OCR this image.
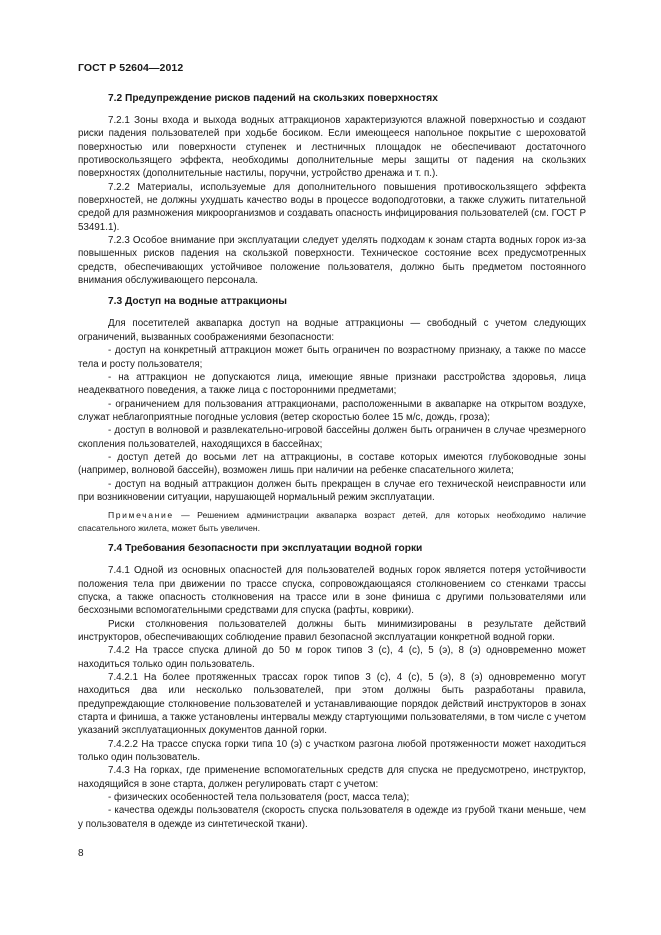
ГОСТ Р 52604—2012

7.2 Предупреждение рисков падений на скользких поверхностях

7.2.1 Зоны входа и выхода водных аттракционов характеризуются влажной поверхностью и создают риски падения пользователей при ходьбе босиком. Если имеющееся напольное покрытие с шероховатой поверхностью или поверхности ступенек и лестничных площадок не обеспечивают достаточного противоскользящего эффекта, необходимы дополнительные меры защиты от падения на скользких поверхностях (дополнительные настилы, поручни, устройство дренажа и т. п.).

7.2.2 Материалы, используемые для дополнительного повышения противоскользящего эффекта поверхностей, не должны ухудшать качество воды в процессе водоподготовки, а также служить питательной средой для размножения микроорганизмов и создавать опасность инфицирования пользователей (см. ГОСТ Р 53491.1).

7.2.3 Особое внимание при эксплуатации следует уделять подходам к зонам старта водных горок из-за повышенных рисков падения на скользкой поверхности. Техническое состояние всех предусмотренных средств, обеспечивающих устойчивое положение пользователя, должно быть предметом постоянного внимания обслуживающего персонала.

7.3 Доступ на водные аттракционы

Для посетителей аквапарка доступ на водные аттракционы — свободный с учетом следующих ограничений, вызванных соображениями безопасности:

- доступ на конкретный аттракцион может быть ограничен по возрастному признаку, а также по массе тела и росту пользователя;

- на аттракцион не допускаются лица, имеющие явные признаки расстройства здоровья, лица неадекватного поведения, а также лица с посторонними предметами;

- ограничением для пользования аттракционами, расположенными в аквапарке на открытом воздухе, служат неблагоприятные погодные условия (ветер скоростью более 15 м/с, дождь, гроза);

- доступ в волновой и развлекательно-игровой бассейны должен быть ограничен в случае чрезмерного скопления пользователей, находящихся в бассейнах;

- доступ детей до восьми лет на аттракционы, в составе которых имеются глубоководные зоны (например, волновой бассейн), возможен лишь при наличии на ребенке спасательного жилета;

- доступ на водный аттракцион должен быть прекращен в случае его технической неисправности или при возникновении ситуации, нарушающей нормальный режим эксплуатации.

Примечание — Решением администрации аквапарка возраст детей, для которых необходимо наличие спасательного жилета, может быть увеличен.

7.4 Требования безопасности при эксплуатации водной горки

7.4.1 Одной из основных опасностей для пользователей водных горок является потеря устойчивости положения тела при движении по трассе спуска, сопровождающаяся столкновением со стенками трассы спуска, а также опасность столкновения на трассе или в зоне финиша с другими пользователями или бесхозными вспомогательными средствами для спуска (рафты, коврики).

Риски столкновения пользователей должны быть минимизированы в результате действий инструкторов, обеспечивающих соблюдение правил безопасной эксплуатации конкретной водной горки.

7.4.2 На трассе спуска длиной до 50 м горок типов 3 (с), 4 (с), 5 (э), 8 (э) одновременно может находиться только один пользователь.

7.4.2.1 На более протяженных трассах горок типов 3 (с), 4 (с), 5 (э), 8 (э) одновременно могут находиться два или несколько пользователей, при этом должны быть разработаны правила, предупреждающие столкновение пользователей и устанавливающие порядок действий инструкторов в зонах старта и финиша, а также установлены интервалы между стартующими пользователями, в том числе с учетом указаний эксплуатационных документов данной горки.

7.4.2.2 На трассе спуска горки типа 10 (э) с участком разгона любой протяженности может находиться только один пользователь.

7.4.3 На горках, где применение вспомогательных средств для спуска не предусмотрено, инструктор, находящийся в зоне старта, должен регулировать старт с учетом:

- физических особенностей тела пользователя (рост, масса тела);

- качества одежды пользователя (скорость спуска пользователя в одежде из грубой ткани меньше, чем у пользователя в одежде из синтетической ткани).

8
